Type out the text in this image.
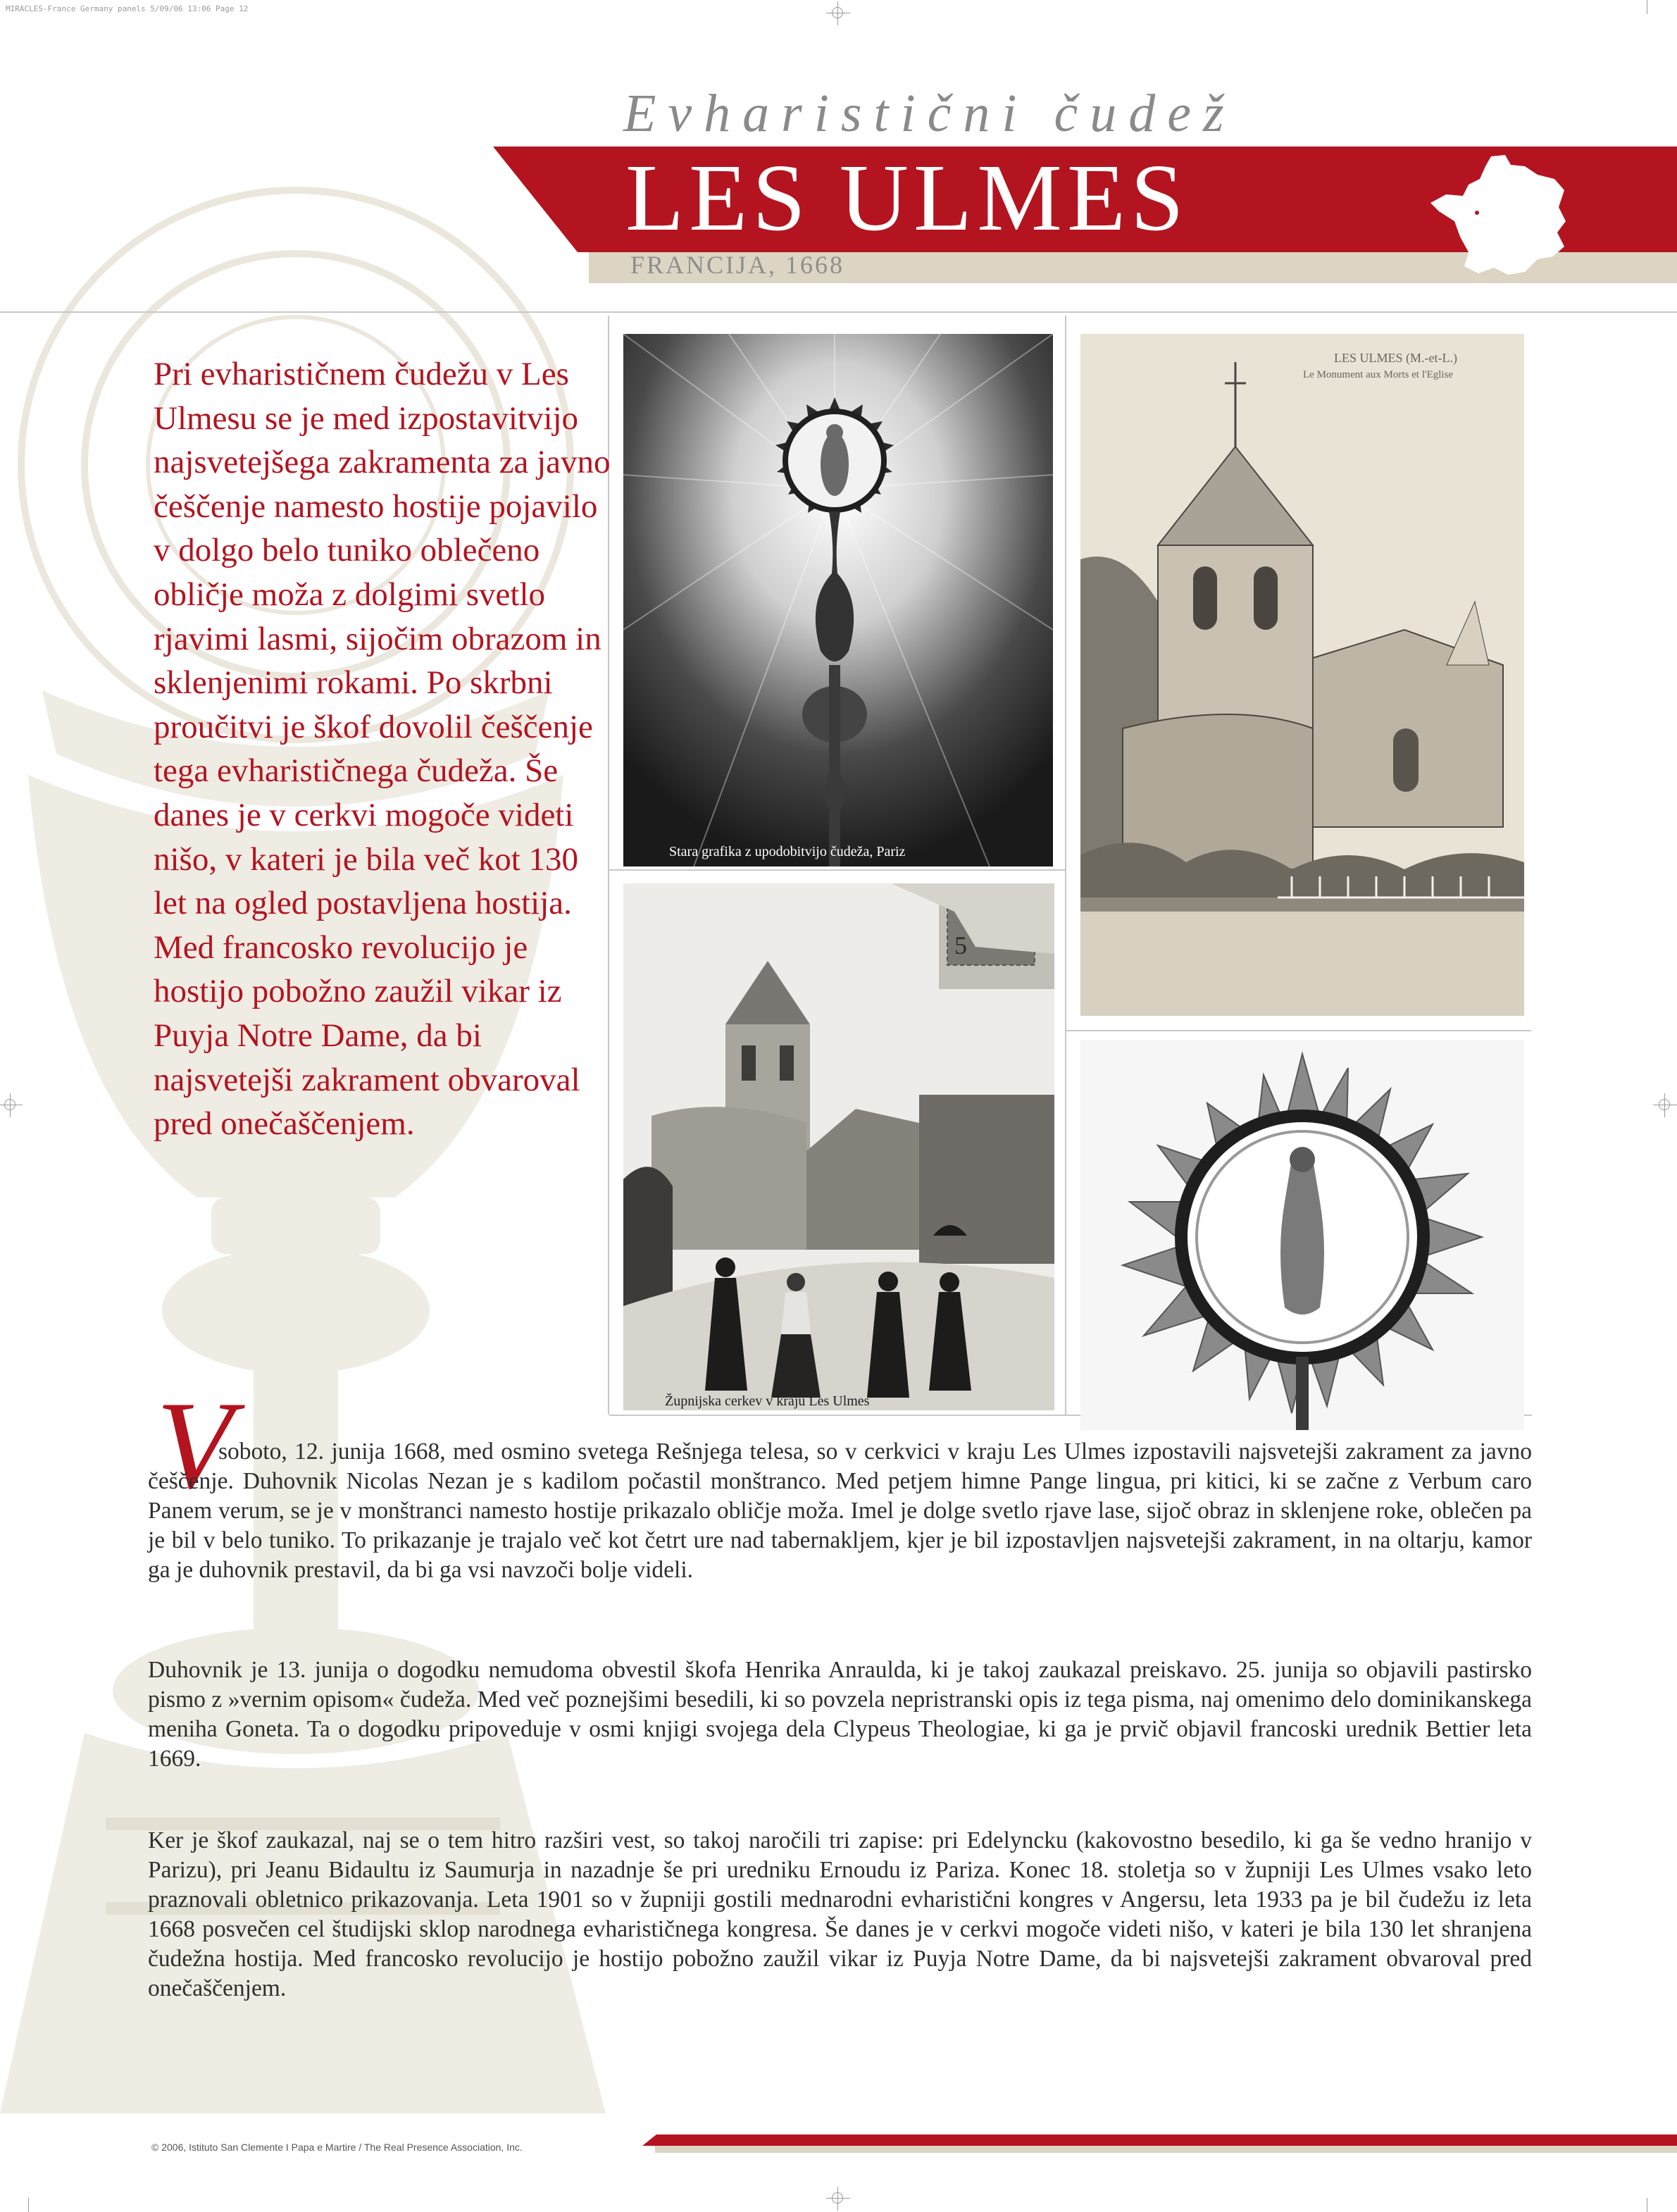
MIRACLES-France Germany panels 5/09/06 13:06 Page 12
Evharistični čudež
LES ULMES
FRANCIJA, 1668

Pri evharističnem čudežu v Les Ulmesu se je med izpostavitvijo najsvetejšega zakramenta za javno češčenje namesto hostije pojavilo v dolgo belo tuniko oblečeno obličje moža z dolgimi svetlo rjavimi lasmi, sijočim obrazom in sklenjenimi rokami. Po skrbni proučitvi je škof dovolil češčenje tega evharističnega čudeža. Še danes je v cerkvi mogoče videti nišo, v kateri je bila več kot 130 let na ogled postavljena hostija. Med francosko revolucijo je hostijo pobožno zaužil vikar iz Puyja Notre Dame, da bi najsvetejši zakrament obvaroval pred onečaščenjem.

Stara grafika z upodobitvijo čudeža, Pariz
LES ULMES (M.-et-L.)
Le Monument aux Morts et l'Eglise
5
Župnijska cerkev v kraju Les Ulmes
V

soboto, 12. junija 1668, med osmino svetega Rešnjega telesa, so v cerkvici v kraju Les Ulmes izpostavili najsvetejši zakrament za javno češčenje. Duhovnik Nicolas Nezan je s kadilom počastil monštranco. Med petjem himne Pange lingua, pri kitici, ki se začne z Verbum caro Panem verum, se je v monštranci namesto hostije prikazalo obličje moža. Imel je dolge svetlo rjave lase, sijoč obraz in sklenjene roke, oblečen pa je bil v belo tuniko. To prikazanje je trajalo več kot četrt ure nad tabernakljem, kjer je bil izpostavljen najsvetejši zakrament, in na oltarju, kamor ga je duhovnik prestavil, da bi ga vsi navzoči bolje videli.

Duhovnik je 13. junija o dogodku nemudoma obvestil škofa Henrika Anraulda, ki je takoj zaukazal preiskavo. 25. junija so objavili pastirsko pismo z »vernim opisom« čudeža. Med več poznejšimi besedili, ki so povzela nepristranski opis iz tega pisma, naj omenimo delo dominikanskega meniha Goneta. Ta o dogodku pripoveduje v osmi knjigi svojega dela Clypeus Theologiae, ki ga je prvič objavil francoski urednik Bettier leta 1669.

Ker je škof zaukazal, naj se o tem hitro razširi vest, so takoj naročili tri zapise: pri Edelyncku (kakovostno besedilo, ki ga še vedno hranijo v Parizu), pri Jeanu Bidaultu iz Saumurja in nazadnje še pri uredniku Ernoudu iz Pariza. Konec 18. stoletja so v župniji Les Ulmes vsako leto praznovali obletnico prikazovanja. Leta 1901 so v župniji gostili mednarodni evharistični kongres v Angersu, leta 1933 pa je bil čudežu iz leta 1668 posvečen cel študijski sklop narodnega evharističnega kongresa. Še danes je v cerkvi mogoče videti nišo, v kateri je bila 130 let shranjena čudežna hostija. Med francosko revolucijo je hostijo pobožno zaužil vikar iz Puyja Notre Dame, da bi najsvetejši zakrament obvaroval pred onečaščenjem.

© 2006, Istituto San Clemente I Papa e Martire / The Real Presence Association, Inc.
